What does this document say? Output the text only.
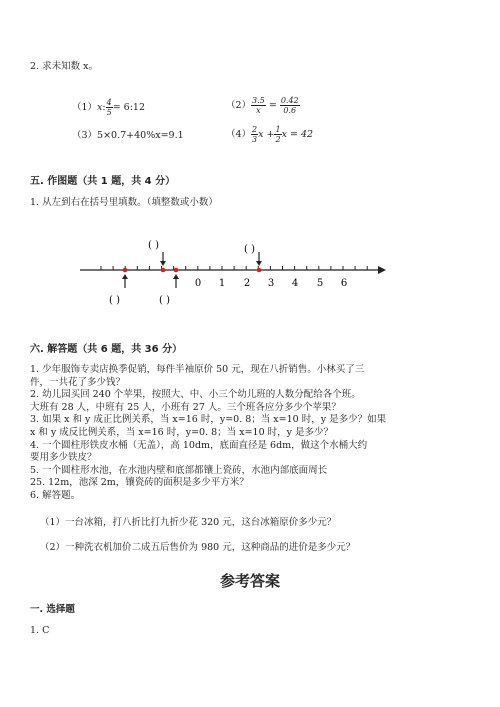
2. 求未知数 x。
（1）x: $\frac{4}{5}$ = 6:12	$(2) \frac{3.5}{x} = \frac{0.42}{0.6}$
（3）5×0.7+40%x=9.1	$(4) \frac{2}{3}$ $x + \frac{1}{2}$ x = 42
五. 作图题（共 1 题，共 4 分）
1. 从左到右在括号里填数。（填整数或小数）
( )	( )
( )	( )
0 1 2 3 4 5 6
六. 解答题（共 6 题，共 36 分）
1. 少年服饰专卖店换季促销，每件半袖原价 50 元，现在八折销售。小林买了三
件，一共花了多少钱？
2. 幼儿园买回 240 个苹果，按照大、中、小三个幼儿班的人数分配给各个班。
大班有 28 人，中班有 25 人，小班有 27 人。三个班各应分多少个苹果？
3. 如果 x 和 y 成正比例关系，当 x=16 时，y=0. 8；当 x=10 时，y 是多少？如果
x 和 y 成反比例关系，当 x=16 时，y=0. 8；当 x=10 时，y 是多少？
4. 一个圆柱形铁皮水桶（无盖），高 10dm，底面直径是 6dm，做这个水桶大约
要用多少铁皮？
5. 一个圆柱形水池，在水池内壁和底部都镶上瓷砖，水池内部底面周长
25. 12m，池深 2m，镶瓷砖的面积是多少平方米？
6. 解答题。
（1）一台冰箱，打八折比打九折少花 320 元，这台冰箱原价多少元？
（2）一种洗衣机加价二成五后售价为 980 元，这种商品的进价是多少元？
参考答案
一. 选择题
1. C
